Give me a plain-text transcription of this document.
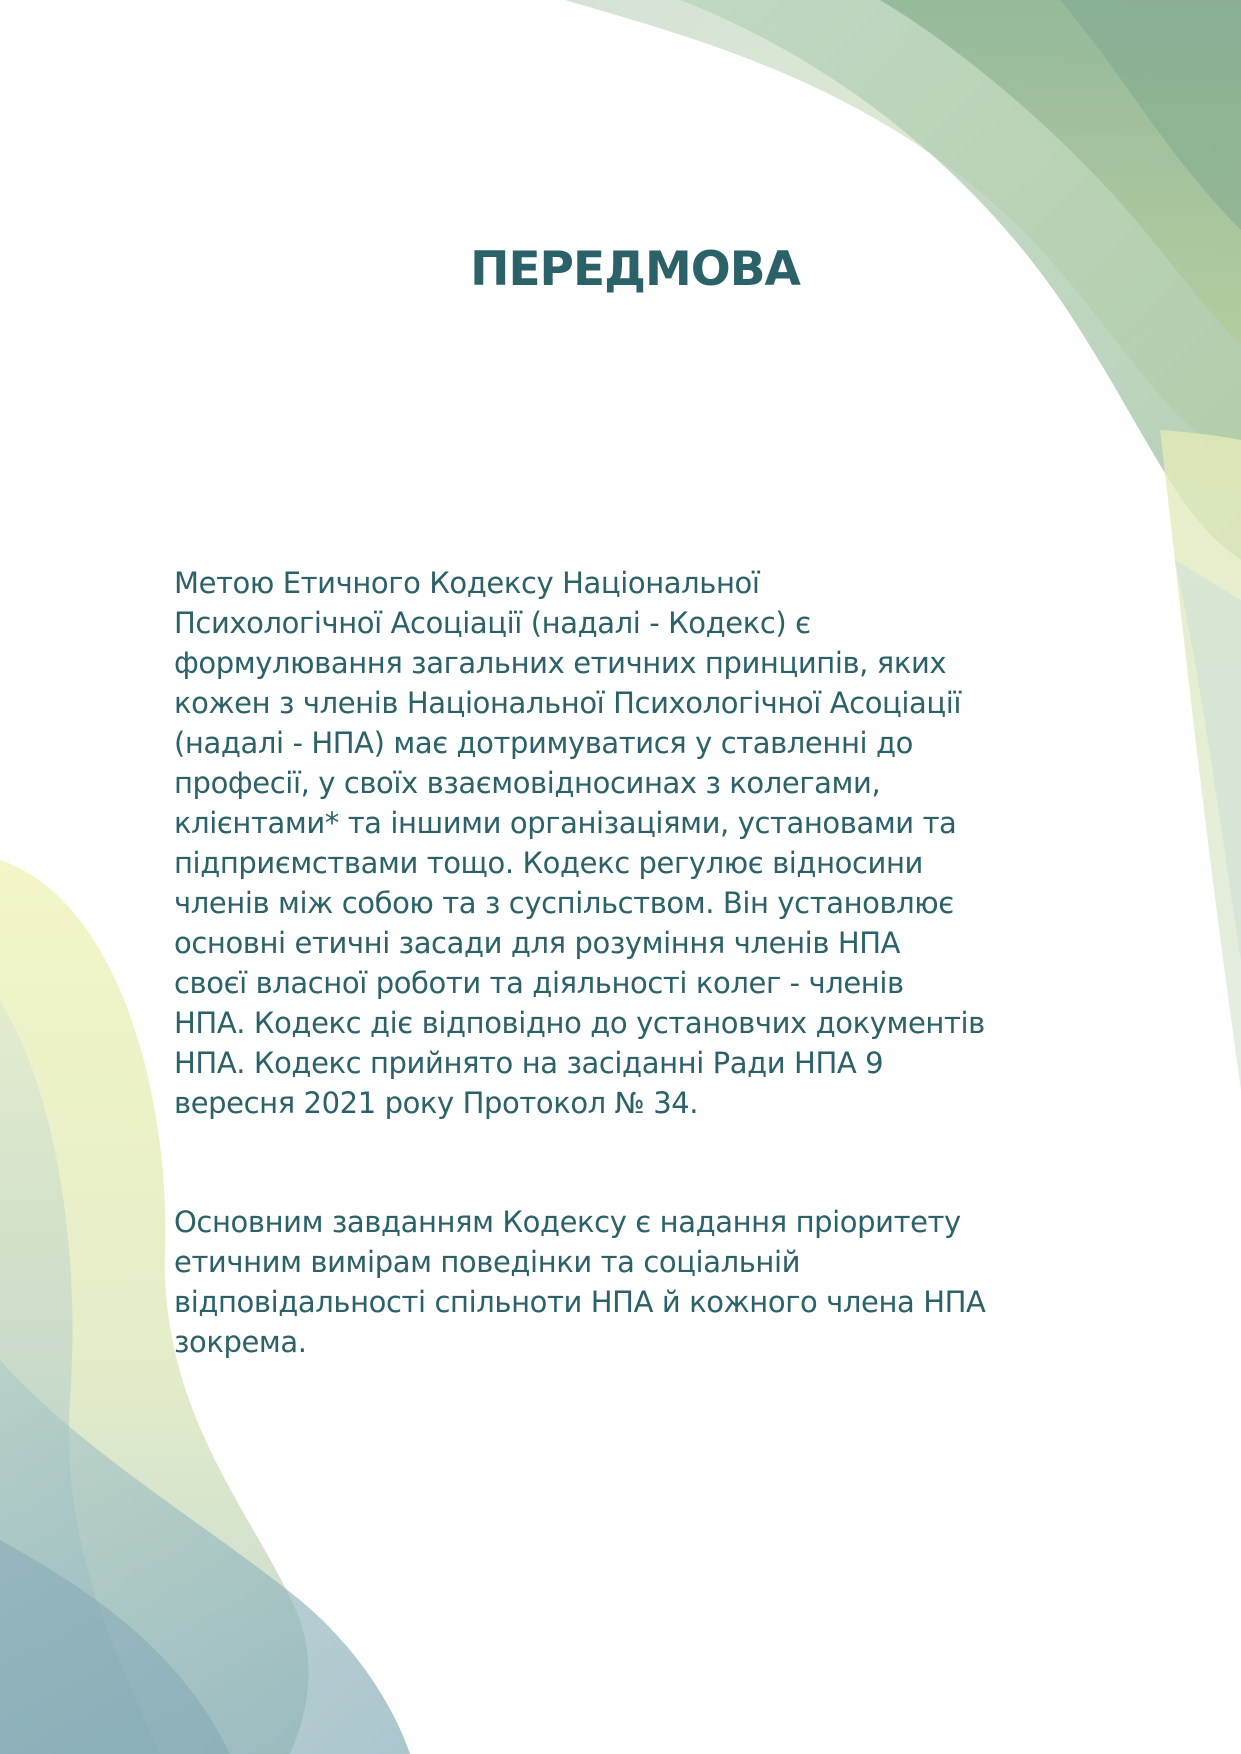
ПЕРЕДМОВА
Метою Етичного Кодексу Національної
Психологічної Асоціації (надалі - Кодекс) є
формулювання загальних етичних принципів, яких
кожен з членів Національної Психологічної Асоціації
(надалі - НПА) має дотримуватися у ставленні до
професії, у своїх взаємовідносинах з колегами,
клієнтами* та іншими організаціями, установами та
підприємствами тощо. Кодекс регулює відносини
членів між собою та з суспільством. Він установлює
основні етичні засади для розуміння членів НПА
своєї власної роботи та діяльності колег - членів
НПА. Кодекс діє відповідно до установчих документів
НПА. Кодекс прийнято на засіданні Ради НПА 9
вересня 2021 року Протокол № 34.
Основним завданням Кодексу є надання пріоритету
етичним вимірам поведінки та соціальній
відповідальності спільноти НПА й кожного члена НПА
зокрема.
